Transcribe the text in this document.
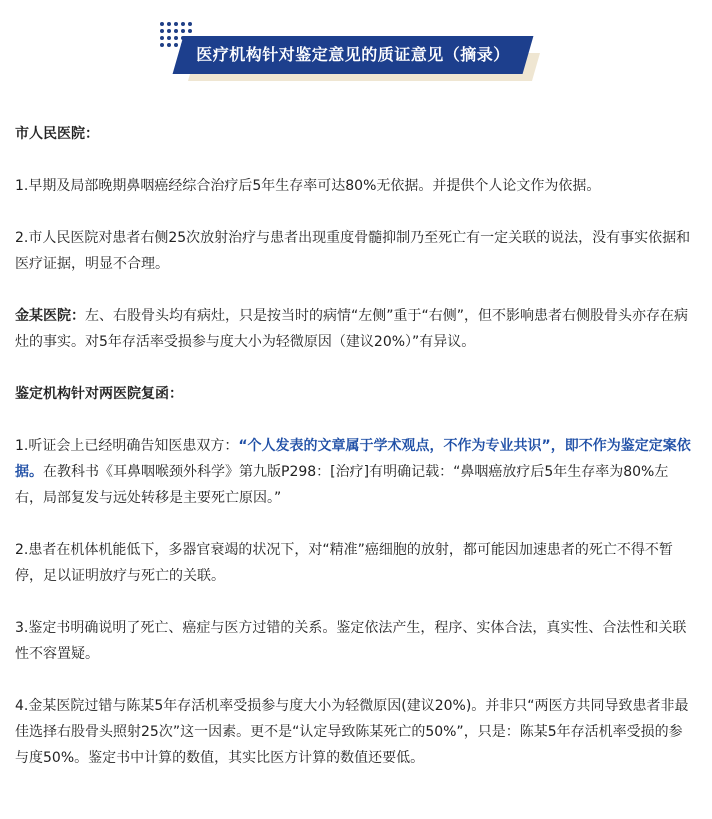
医疗机构针对鉴定意见的质证意见（摘录）

市人民医院：

1.早期及局部晚期鼻咽癌经综合治疗后5年生存率可达80%无依据。并提供个人论文作为依据。

2.市人民医院对患者右侧25次放射治疗与患者出现重度骨髓抑制乃至死亡有一定关联的说法，没有事实依据和医疗证据，明显不合理。

金某医院：左、右股骨头均有病灶，只是按当时的病情“左侧”重于“右侧”，但不影响患者右侧股骨头亦存在病灶的事实。对5年存活率受损参与度大小为轻微原因（建议20%）”有异议。

鉴定机构针对两医院复函：

1.听证会上已经明确告知医患双方：“个人发表的文章属于学术观点，不作为专业共识”，即不作为鉴定定案依据。在教科书《耳鼻咽喉颈外科学》第九版P298：[治疗]有明确记载：“鼻咽癌放疗后5年生存率为80%左右，局部复发与远处转移是主要死亡原因。”

2.患者在机体机能低下，多器官衰竭的状况下，对“精准”癌细胞的放射，都可能因加速患者的死亡不得不暂停，足以证明放疗与死亡的关联。

3.鉴定书明确说明了死亡、癌症与医方过错的关系。鉴定依法产生，程序、实体合法，真实性、合法性和关联性不容置疑。

4.金某医院过错与陈某5年存活机率受损参与度大小为轻微原因(建议20%)。并非只“两医方共同导致患者非最佳选择右股骨头照射25次”这一因素。更不是“认定导致陈某死亡的50%”，只是：陈某5年存活机率受损的参与度50%。鉴定书中计算的数值，其实比医方计算的数值还要低。
